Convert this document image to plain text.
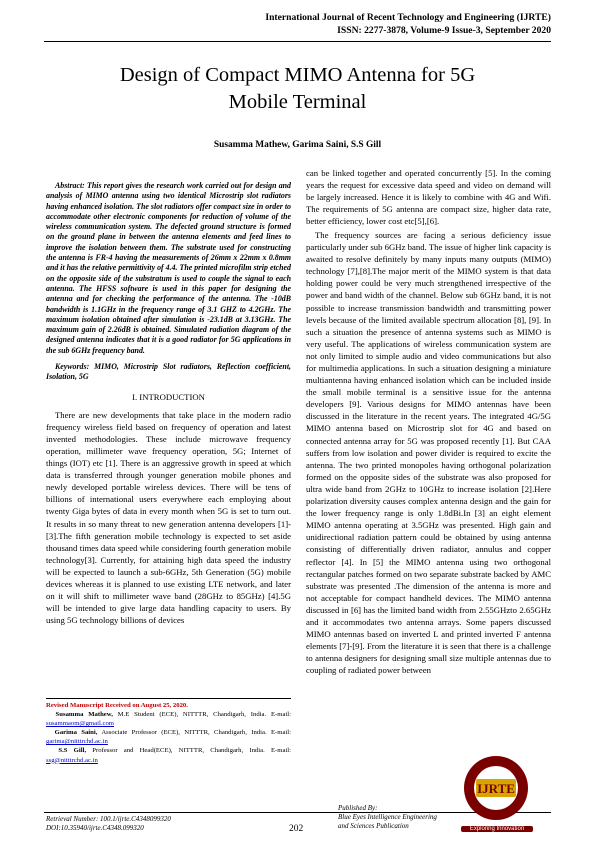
International Journal of Recent Technology and Engineering (IJRTE)
ISSN: 2277-3878, Volume-9 Issue-3, September 2020
Design of Compact MIMO Antenna for 5G
Mobile Terminal
Susamma Mathew, Garima Saini, S.S Gill
Abstract: This report gives the research work carried out for design and analysis of MIMO antenna using two identical Microstrip slot radiators having enhanced isolation. The slot radiators offer compact size in order to accommodate other electronic components for reduction of volume of the wireless communication system. The defected ground structure is formed on the ground plane in between the antenna elements and feed lines to improve the isolation between them. The substrate used for constructing the antenna is FR-4 having the measurements of 26mm x 22mm x 0.8mm and it has the relative permittivity of 4.4. The printed microfilm strip etched on the opposite side of the substratum is used to couple the signal to each antenna. The HFSS software is used in this paper for designing the antenna and for checking the performance of the antenna. The -10dB bandwidth is 1.1GHz in the frequency range of 3.1 GHZ to 4.2GHz. The maximum isolation obtained after simulation is -23.1dB at 3.13GHz. The maximum gain of 2.26dB is obtained. Simulated radiation diagram of the designed antenna indicates that it is a good radiator for 5G applications in the sub 6GHz frequency band.
Keywords: MIMO, Microstrip Slot radiators, Reflection coefficient, Isolation, 5G
I. INTRODUCTION

There are new developments that take place in the modern radio frequency wireless field based on frequency of operation and latest invented methodologies. These include microwave frequency operation, millimeter wave frequency operation, 5G; Internet of things (IOT) etc [1]. There is an aggressive growth in speed at which data is transferred through younger generation mobile phones and newly developed portable wireless devices. There will be tens of billions of international users everywhere each employing about twenty Giga bytes of data in every month when 5G is set to turn out. It results in so many threat to new generation antenna developers [1]-[3].The fifth generation mobile technology is expected to set aside thousand times data speed while considering fourth generation mobile technology[3]. Currently, for attaining high data speed the industry will be expected to launch a sub-6GHz, 5th Generation (5G) mobile devices whereas it is planned to use existing LTE network, and later on it will shift to millimeter wave band (28GHz to 85GHz) [4].5G will be intended to give large data handling capacity to users. By using 5G technology billions of devices

can be linked together and operated concurrently [5]. In the coming years the request for excessive data speed and video on demand will be largely increased. Hence it is likely to combine with 4G and Wifi. The requirements of 5G antenna are compact size, higher data rate, better efficiency, lower cost etc[5],[6].

The frequency sources are facing a serious deficiency issue particularly under sub 6GHz band. The issue of higher link capacity is awaited to resolve definitely by many inputs many outputs (MIMO) technology [7],[8].The major merit of the MIMO system is that data holding power could be very much strengthened irrespective of the power and band width of the channel. Below sub 6GHz band, it is not possible to increase transmission bandwidth and transmitting power levels because of the limited available spectrum allocation [8], [9]. In such a situation the presence of antenna systems such as MIMO is very useful. The applications of wireless communication system are not only limited to simple audio and video communications but also for multimedia applications. In such a situation designing a miniature multiantenna having enhanced isolation which can be included inside the small mobile terminal is a sensitive issue for the antenna developers [9]. Various designs for MIMO antennas have been discussed in the literature in the recent years. The integrated 4G/5G MIMO antenna based on Microstrip slot for 4G and based on connected antenna array for 5G was proposed recently [1]. But CAA suffers from low isolation and power divider is required to excite the antenna. The two printed monopoles having orthogonal polarization formed on the opposite sides of the substrate was also proposed for ultra wide band from 2GHz to 10GHz to increase isolation [2].Here polarization diversity causes complex antenna design and the gain for the lower frequency range is only 1.8dBi.In [3] an eight element MIMO antenna operating at 3.5GHz was presented. High gain and unidirectional radiation pattern could be obtained by using antenna consisting of differentially driven radiator, annulus and copper reflector [4]. In [5] the MIMO antenna using two orthogonal rectangular patches formed on two separate substrate backed by AMC substrate was presented .The dimension of the antenna is more and not acceptable for compact handheld devices. The MIMO antenna discussed in [6] has the limited band width from 2.55GHzto 2.65GHz and it accommodates two antenna arrays. Some papers discussed MIMO antennas based on inverted L and printed inverted F antenna elements [7]-[9]. From the literature it is seen that there is a challenge to antenna designers for designing small size multiple antennas due to coupling of radiated power between

Revised Manuscript Received on August 25, 2020.
Susamma Mathew, M.E Student (ECE), NITTTR, Chandigarh, India. E-mail: susammaom@gmail.com
Garima Saini, Associate Professor (ECE), NITTTR, Chandigarh, India. E-mail: garima@nitttrchd.ac.in
S.S Gill, Professor and Head(ECE), NITTTR, Chandigarh, India. E-mail: ssg@nitttrchd.ac.in
Retrieval Number: 100.1/ijrte.C4348099320
DOI:10.35940/ijrte.C4348.099320	202
Published By:
Blue Eyes Intelligence Engineering
and Sciences Publication
IJRTE
Exploring Innovation
